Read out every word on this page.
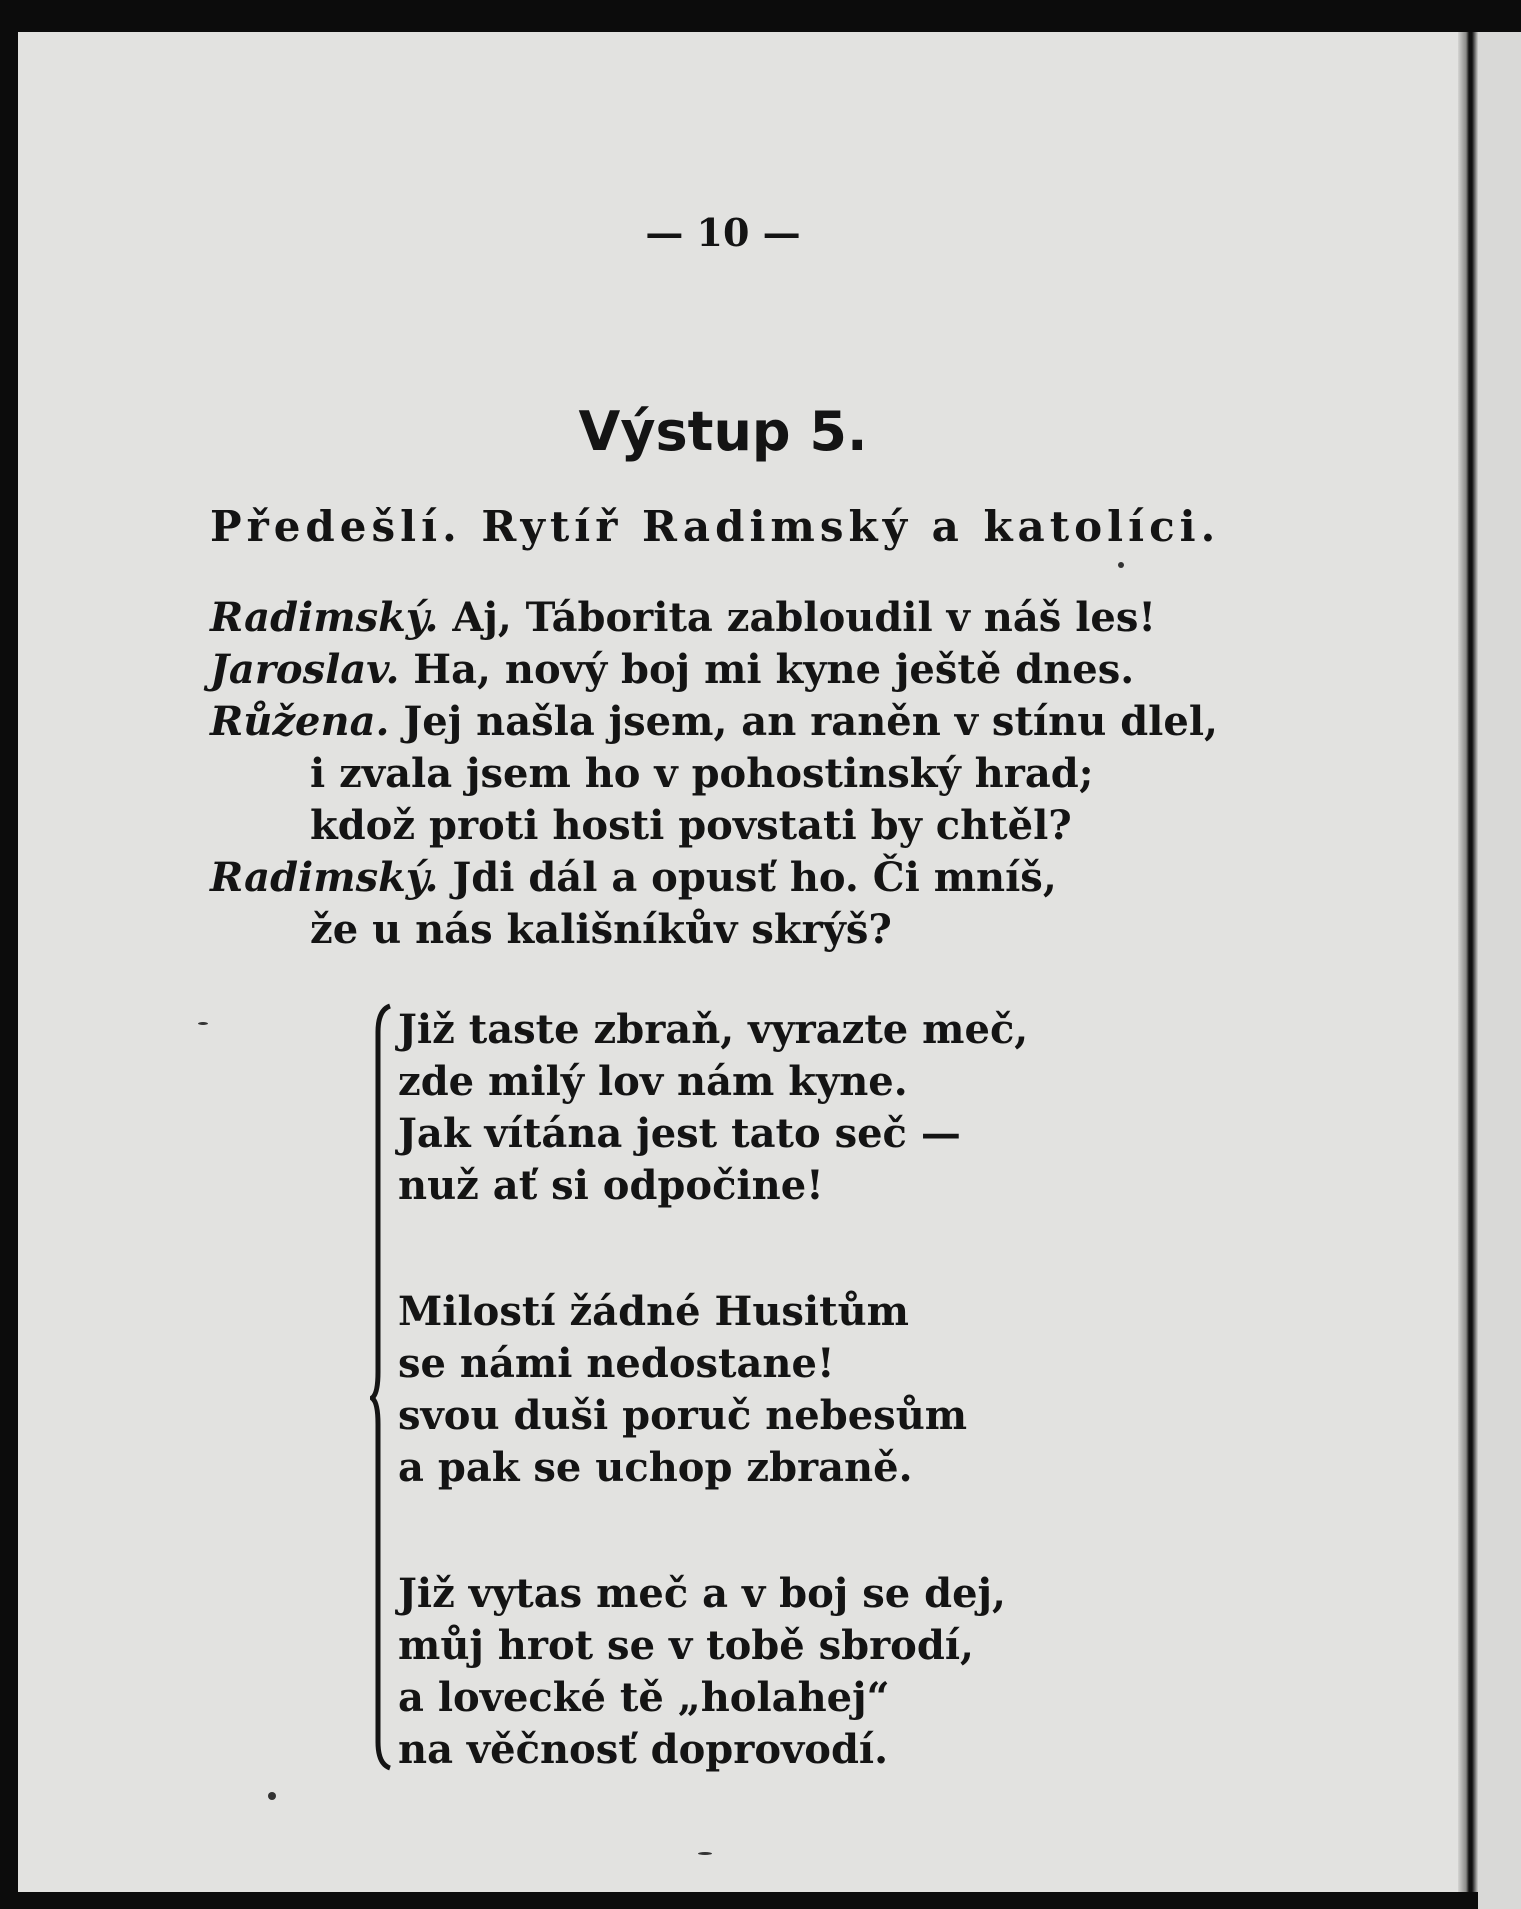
— 10 —
Výstup 5.
Předešlí. Rytíř Radimský a katolíci.
Radimský. Aj, Táborita zabloudil v náš les!
Jaroslav. Ha, nový boj mi kyne ještě dnes.
Růžena. Jej našla jsem, an raněn v stínu dlel,
i zvala jsem ho v pohostinský hrad;
kdož proti hosti povstati by chtěl?
Radimský. Jdi dál a opusť ho. Či mníš,
že u nás kališníkův skrýš?
Již taste zbraň, vyrazte meč,
zde milý lov nám kyne.
Jak vítána jest tato seč —
nuž ať si odpočine!
Milostí žádné Husitům
se námi nedostane!
svou duši poruč nebesům
a pak se uchop zbraně.
Již vytas meč a v boj se dej,
můj hrot se v tobě sbrodí,
a lovecké tě „holahej“
na věčnosť doprovodí.
